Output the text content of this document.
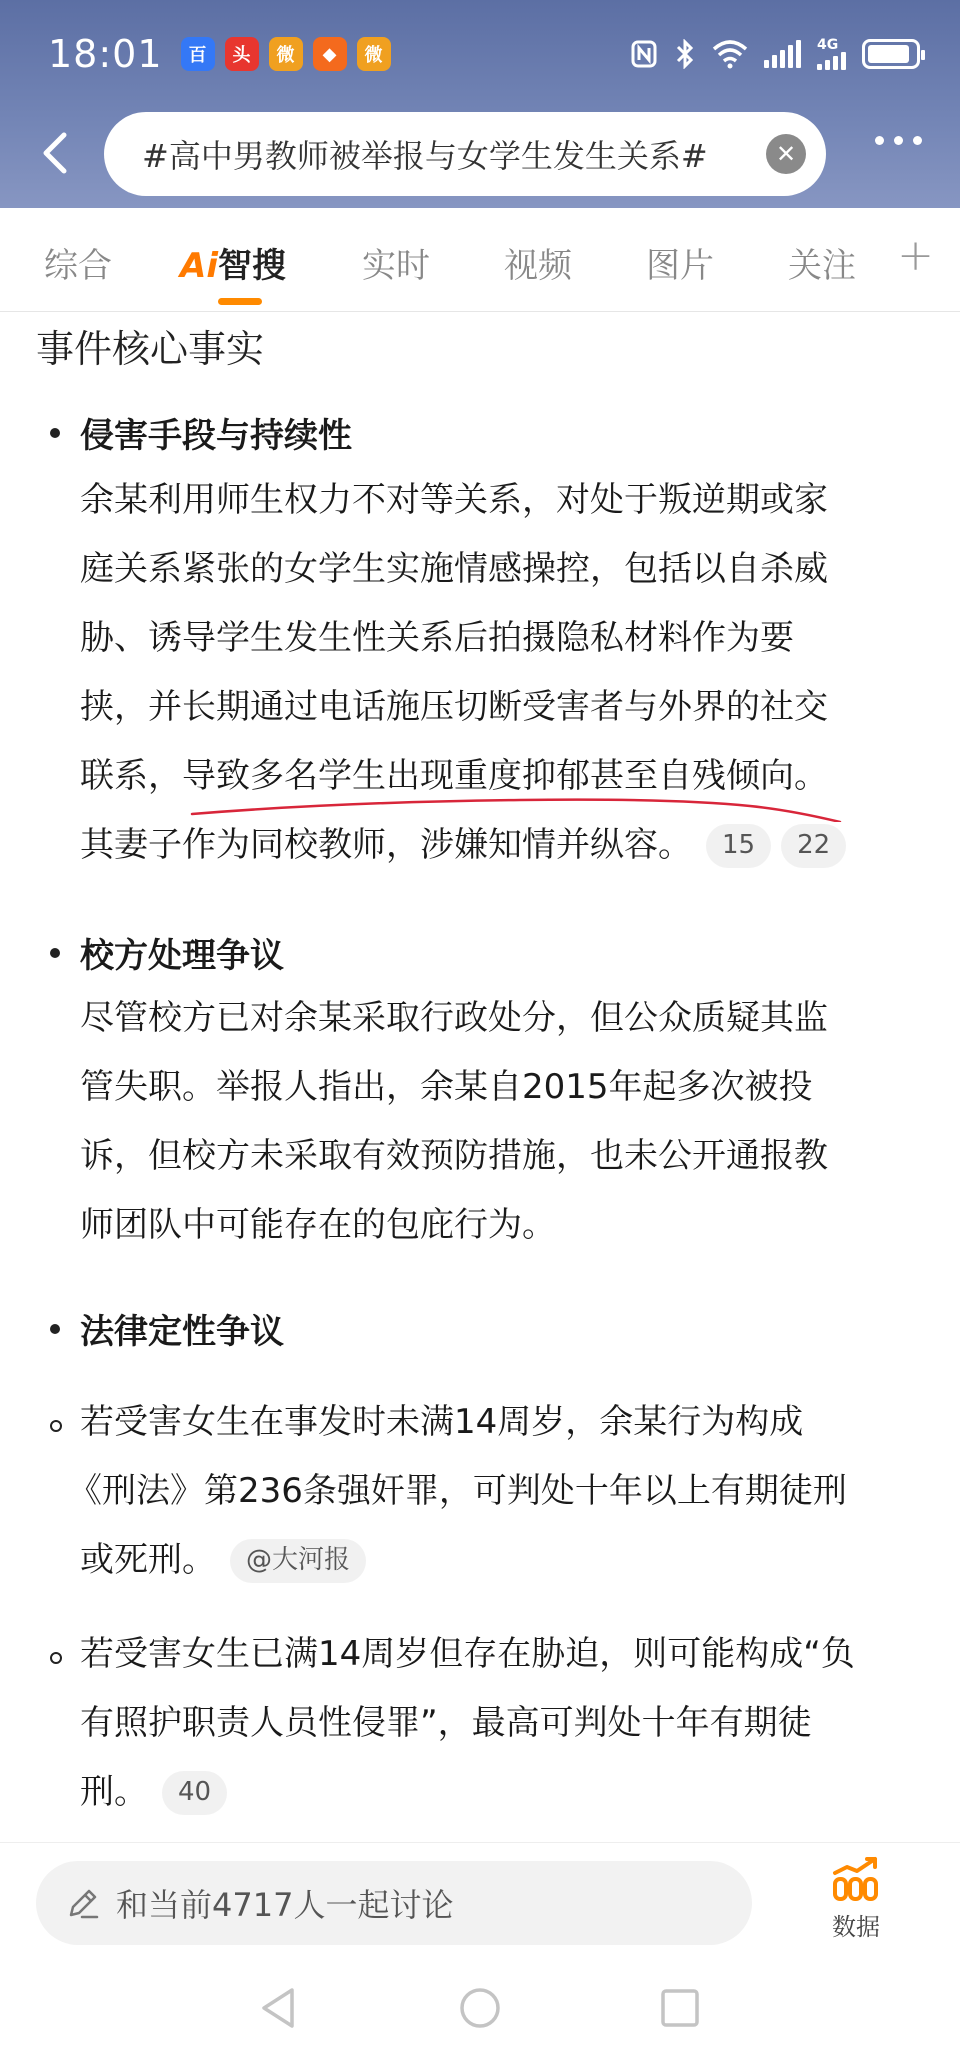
18:01	百	头	微	◆	微	4G
#高中男教师被举报与女学生发生关系#	✕
综合 Ai智搜 实时 视频 图片 关注 +
事件核心事实
侵害手段与持续性
余某利用师生权力不对等关系，对处于叛逆期或家
庭关系紧张的女学生实施情感操控，包括以自杀威
胁、诱导学生发生性关系后拍摄隐私材料作为要
挟，并长期通过电话施压切断受害者与外界的社交
联系，导致多名学生出现重度抑郁甚至自残倾向。
其妻子作为同校教师，涉嫌知情并纵容。	15	22
校方处理争议
尽管校方已对余某采取行政处分，但公众质疑其监
管失职。举报人指出，余某自2015年起多次被投
诉，但校方未采取有效预防措施，也未公开通报教
师团队中可能存在的包庇行为。
法律定性争议
若受害女生在事发时未满14周岁，余某行为构成
《刑法》第236条强奸罪，可判处十年以上有期徒刑
或死刑。	@大河报
若受害女生已满14周岁但存在胁迫，则可能构成“负
有照护职责人员性侵罪”，最高可判处十年有期徒
刑。	40
和当前4717人一起讨论
数据
